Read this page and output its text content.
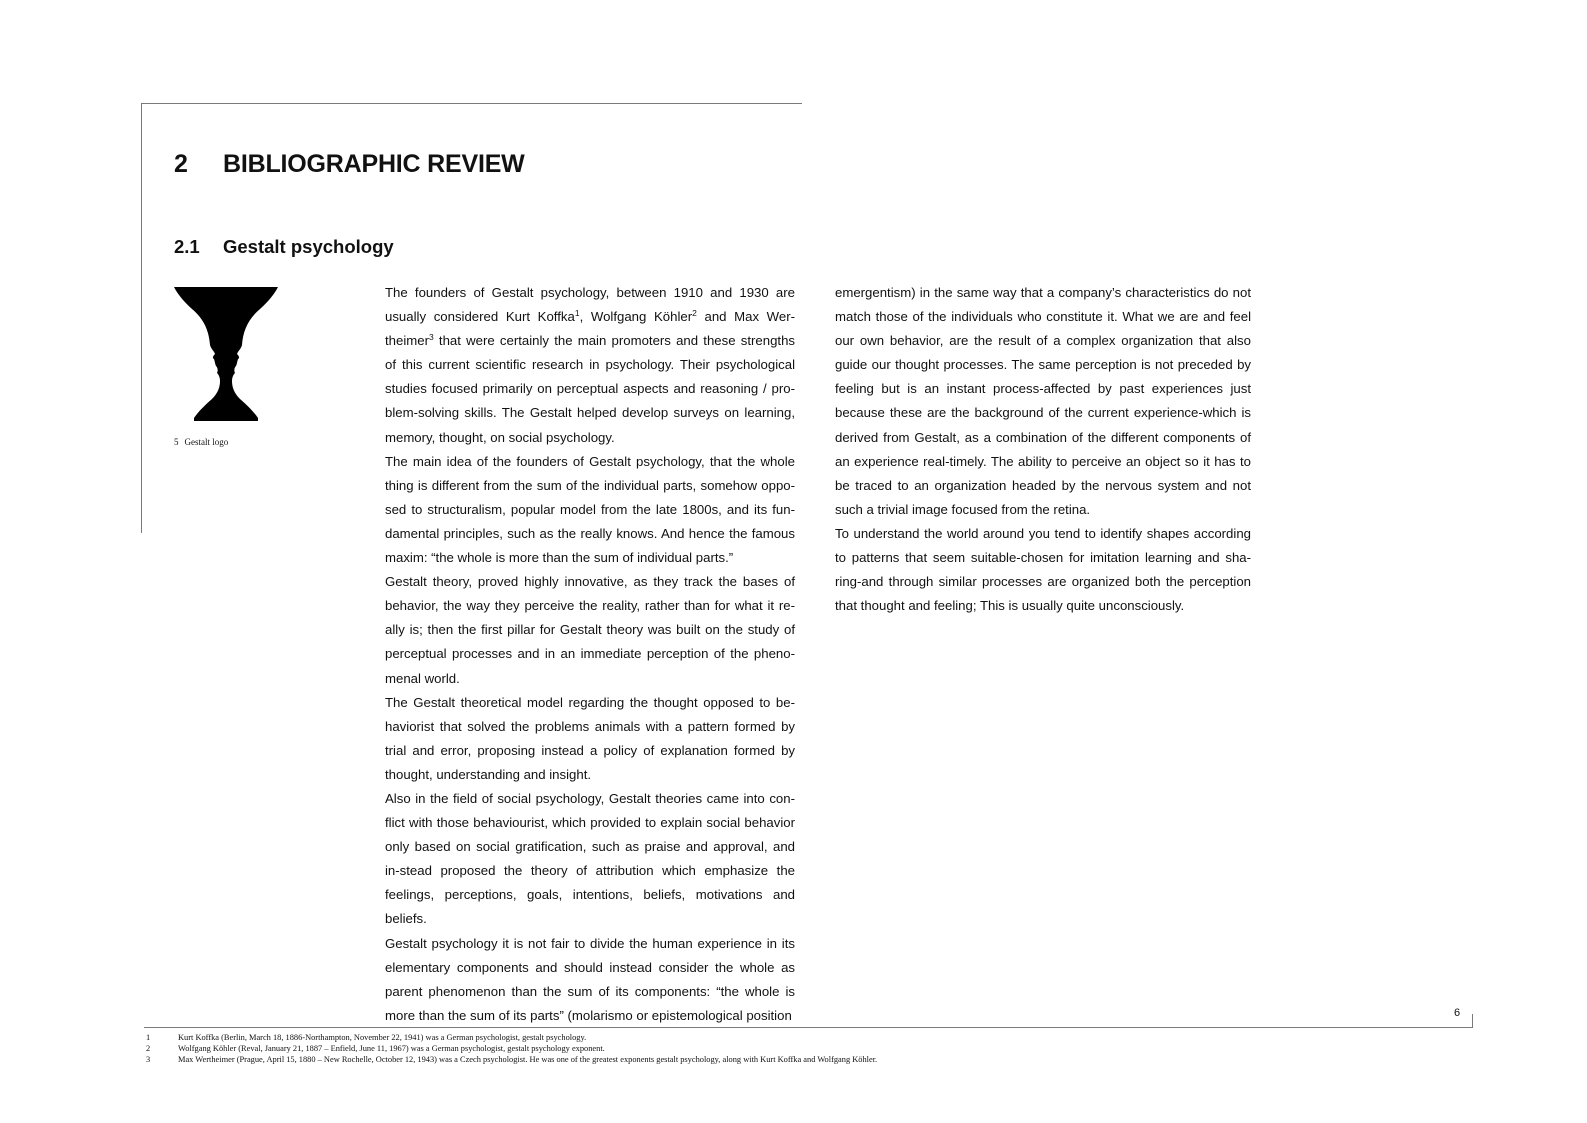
2 BIBLIOGRAPHIC REVIEW
2.1 Gestalt psychology
5 Gestalt logo

The founders of Gestalt psychology, between 1910 and 1930 are usually considered Kurt Koffka$^1$, Wolfgang Köhler$^2$ and Max Wer-theimer$^3$ that were certainly the main promoters and these strengths of this current scientific research in psychology. Their psychological studies focused primarily on perceptual aspects and reasoning / pro-blem-solving skills. The Gestalt helped develop surveys on learning, memory, thought, on social psychology.

The main idea of the founders of Gestalt psychology, that the whole thing is different from the sum of the individual parts, somehow oppo-sed to structuralism, popular model from the late 1800s, and its fun-damental principles, such as the really knows. And hence the famous maxim: “the whole is more than the sum of individual parts.”

Gestalt theory, proved highly innovative, as they track the bases of behavior, the way they perceive the reality, rather than for what it re-ally is; then the first pillar for Gestalt theory was built on the study of perceptual processes and in an immediate perception of the pheno-menal world.

The Gestalt theoretical model regarding the thought opposed to be-haviorist that solved the problems animals with a pattern formed by trial and error, proposing instead a policy of explanation formed by thought, understanding and insight.

Also in the field of social psychology, Gestalt theories came into con-flict with those behaviourist, which provided to explain social behavior only based on social gratification, such as praise and approval, and in-stead proposed the theory of attribution which emphasize the feelings, perceptions, goals, intentions, beliefs, motivations and beliefs.

Gestalt psychology it is not fair to divide the human experience in its elementary components and should instead consider the whole as parent phenomenon than the sum of its components: “the whole is more than the sum of its parts” (molarismo or epistemological position

emergentism) in the same way that a company’s characteristics do not match those of the individuals who constitute it. What we are and feel our own behavior, are the result of a complex organization that also guide our thought processes. The same perception is not preceded by feeling but is an instant process-affected by past experiences just because these are the background of the current experience-which is derived from Gestalt, as a combination of the different components of an experience real-timely. The ability to perceive an object so it has to be traced to an organization headed by the nervous system and not such a trivial image focused from the retina.

To understand the world around you tend to identify shapes according to patterns that seem suitable-chosen for imitation learning and sha-ring-and through similar processes are organized both the perception that thought and feeling; This is usually quite unconsciously.

6
1	Kurt Koffka (Berlin, March 18, 1886-Northampton, November 22, 1941) was a German psychologist, gestalt psychology.
2	Wolfgang Köhler (Reval, January 21, 1887 – Enfield, June 11, 1967) was a German psychologist, gestalt psychology exponent.
3	Max Wertheimer (Prague, April 15, 1880 – New Rochelle, October 12, 1943) was a Czech psychologist. He was one of the greatest exponents gestalt psychology, along with Kurt Koffka and Wolfgang Köhler.
